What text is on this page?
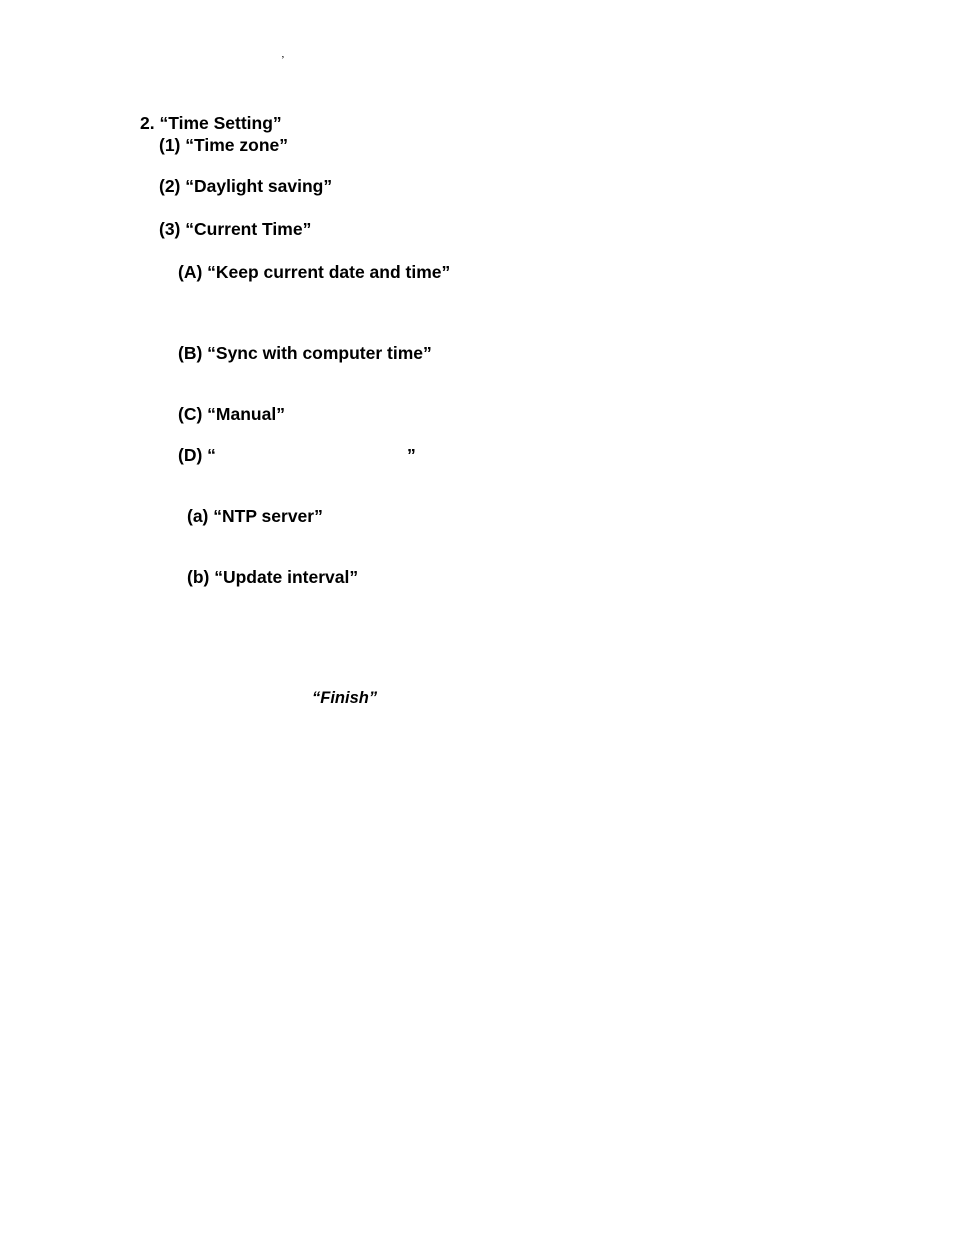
’
2. “Time Setting”
(1) “Time zone”
(2) “Daylight saving”
(3) “Current Time”
(A) “Keep current date and time”
(B) “Sync with computer time”
(C) “Manual”
(D) “	”
(a) “NTP server”
(b) “Update interval”
“Finish”
